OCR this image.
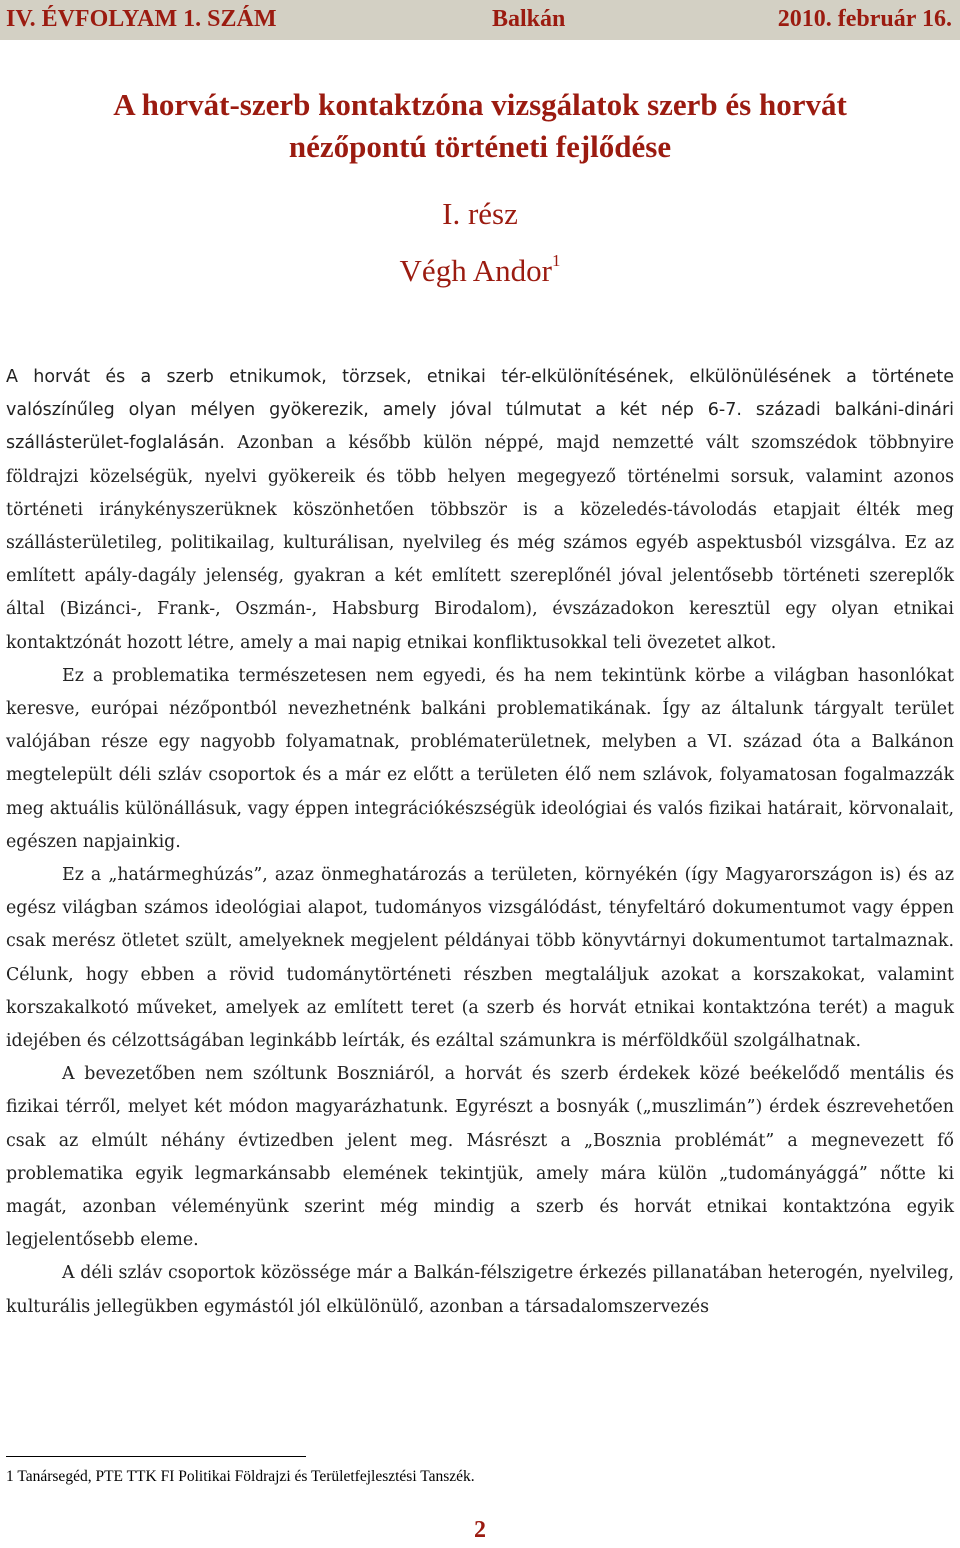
IV. ÉVFOLYAM 1. SZÁM	Balkán	2010. február 16.
A horvát-szerb kontaktzóna vizsgálatok szerb és horvát
nézőpontú történeti fejlődése
I. rész
Végh Andor$^1$

A horvát és a szerb etnikumok, törzsek, etnikai tér-elkülönítésének, elkülönülésének a története valószínűleg olyan mélyen gyökerezik, amely jóval túlmutat a két nép 6-7. századi balkáni-dinári szállásterület-foglalásán. Azonban a később külön néppé, majd nemzetté vált szomszédok többnyire földrajzi közelségük, nyelvi gyökereik és több helyen megegyező történelmi sorsuk, valamint azonos történeti iránykényszerüknek köszönhetően többször is a közeledés-távolodás etapjait élték meg szállásterületileg, politikailag, kulturálisan, nyelvileg és még számos egyéb aspektusból vizsgálva. Ez az említett apály-dagály jelenség, gyakran a két említett szereplőnél jóval jelentősebb történeti szereplők által (Bizánci-, Frank-, Oszmán-, Habsburg Birodalom), évszázadokon keresztül egy olyan etnikai kontaktzónát hozott létre, amely a mai napig etnikai konfliktusokkal teli övezetet alkot.

Ez a problematika természetesen nem egyedi, és ha nem tekintünk körbe a világban hasonlókat keresve, európai nézőpontból nevezhetnénk balkáni problematikának. Így az általunk tárgyalt terület valójában része egy nagyobb folyamatnak, problématerületnek, melyben a VI. század óta a Balkánon megtelepült déli szláv csoportok és a már ez előtt a területen élő nem szlávok, folyamatosan fogalmazzák meg aktuális különállásuk, vagy éppen integrációkészségük ideológiai és valós fizikai határait, körvonalait, egészen napjainkig.

Ez a „határmeghúzás”, azaz önmeghatározás a területen, környékén (így Magyarországon is) és az egész világban számos ideológiai alapot, tudományos vizsgálódást, tényfeltáró dokumentumot vagy éppen csak merész ötletet szült, amelyeknek megjelent példányai több könyvtárnyi dokumentumot tartalmaznak. Célunk, hogy ebben a rövid tudománytörténeti részben megtaláljuk azokat a korszakokat, valamint korszakalkotó műveket, amelyek az említett teret (a szerb és horvát etnikai kontaktzóna terét) a maguk idejében és célzottságában leginkább leírták, és ezáltal számunkra is mérföldkőül szolgálhatnak.

A bevezetőben nem szóltunk Boszniáról, a horvát és szerb érdekek közé beékelődő mentális és fizikai térről, melyet két módon magyarázhatunk. Egyrészt a bosnyák („muszlimán”) érdek észrevehetően csak az elmúlt néhány évtizedben jelent meg. Másrészt a „Bosznia problémát” a megnevezett fő problematika egyik legmarkánsabb elemének tekintjük, amely mára külön „tudományággá” nőtte ki magát, azonban véleményünk szerint még mindig a szerb és horvát etnikai kontaktzóna egyik legjelentősebb eleme.

A déli szláv csoportok közössége már a Balkán-félszigetre érkezés pillanatában heterogén, nyelvileg, kulturális jellegükben egymástól jól elkülönülő, azonban a társadalomszervezés

1 Tanársegéd, PTE TTK FI Politikai Földrajzi és Területfejlesztési Tanszék.
2
